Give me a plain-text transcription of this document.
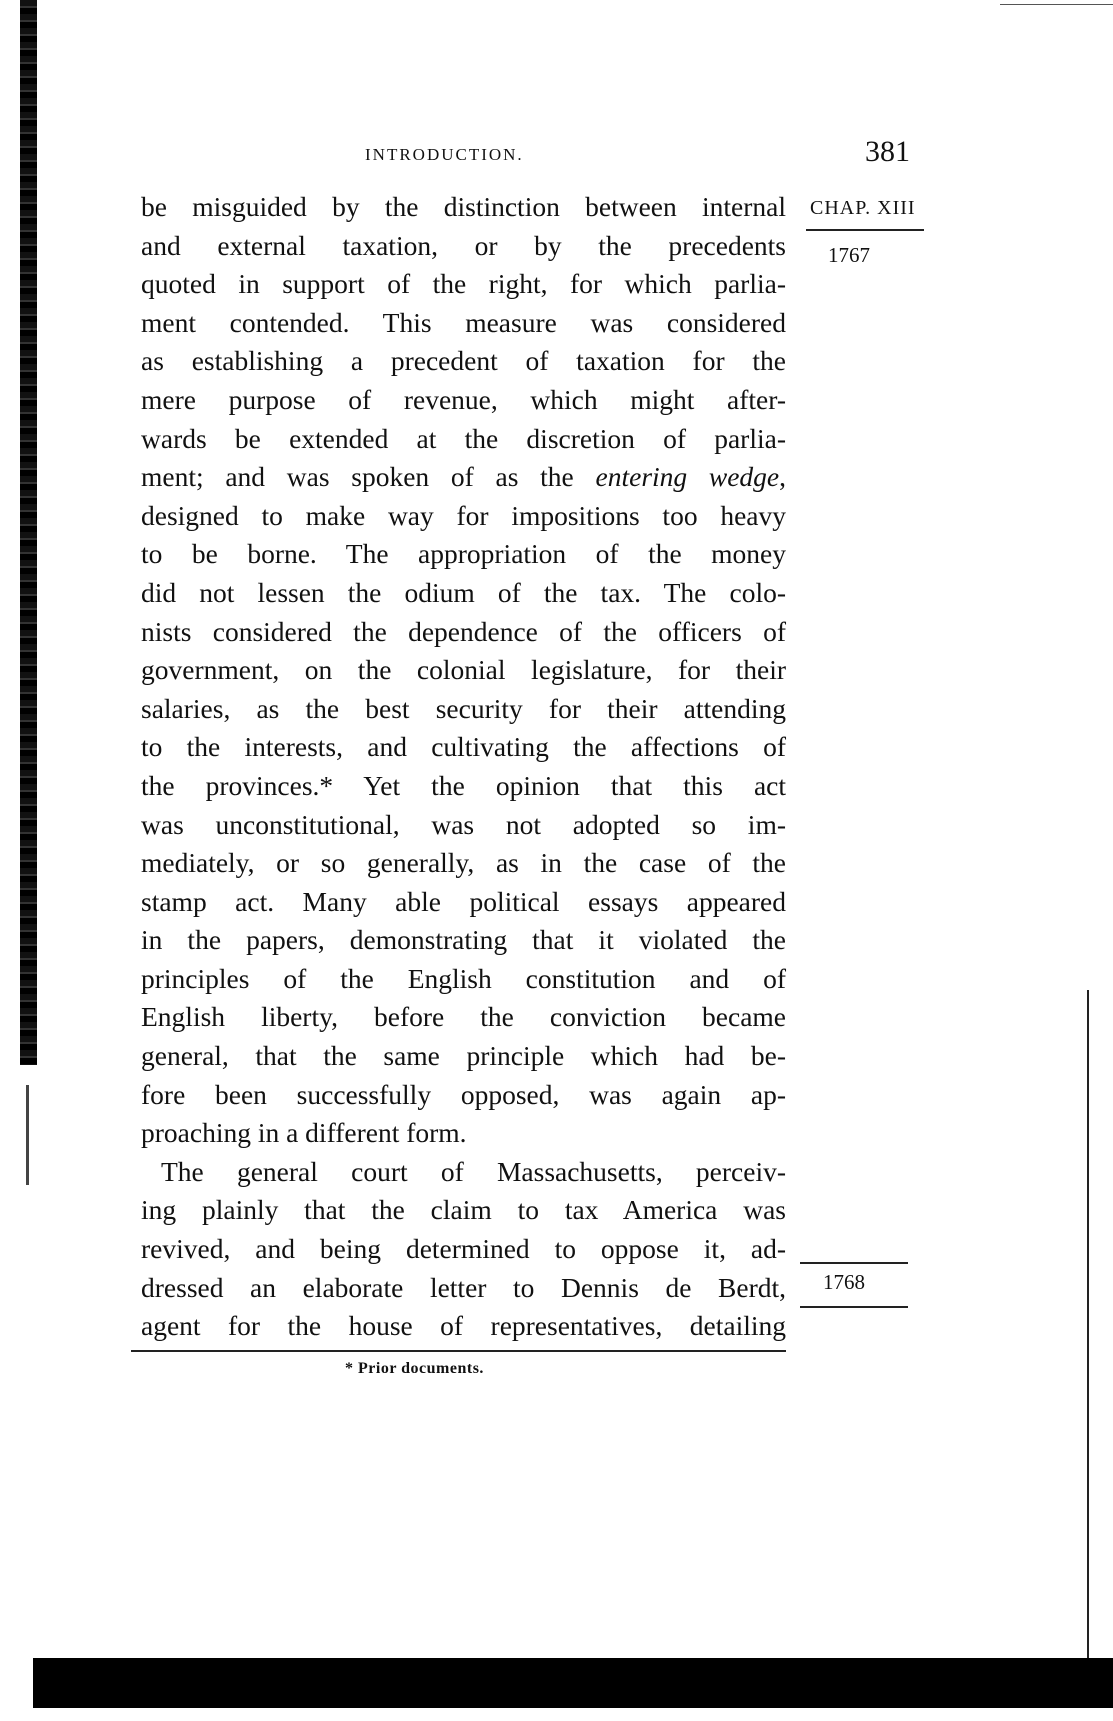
INTRODUCTION.	381
CHAP. XIII
1767
1768
be misguided by the distinction between internal
and external taxation, or by the precedents
quoted in support of the right, for which parlia-
ment contended. This measure was considered
as establishing a precedent of taxation for the
mere purpose of revenue, which might after-
wards be extended at the discretion of parlia-
ment; and was spoken of as the entering wedge,
designed to make way for impositions too heavy
to be borne. The appropriation of the money
did not lessen the odium of the tax. The colo-
nists considered the dependence of the officers of
government, on the colonial legislature, for their
salaries, as the best security for their attending
to the interests, and cultivating the affections of
the provinces.* Yet the opinion that this act
was unconstitutional, was not adopted so im-
mediately, or so generally, as in the case of the
stamp act. Many able political essays appeared
in the papers, demonstrating that it violated the
principles of the English constitution and of
English liberty, before the conviction became
general, that the same principle which had be-
fore been successfully opposed, was again ap-
proaching in a different form.
The general court of Massachusetts, perceiv-
ing plainly that the claim to tax America was
revived, and being determined to oppose it, ad-
dressed an elaborate letter to Dennis de Berdt,
agent for the house of representatives, detailing
* Prior documents.
